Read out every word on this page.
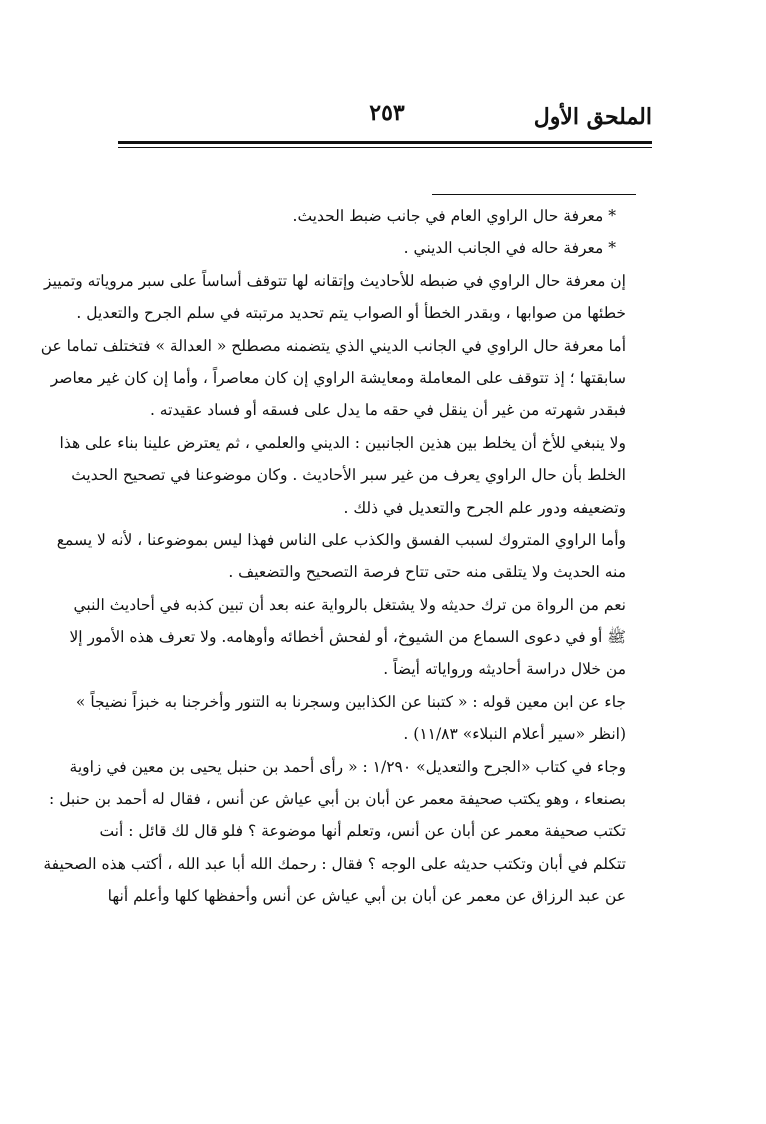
الملحق الأول
٢٥٣
* معرفة حال الراوي العام في جانب ضبط الحديث.
* معرفة حاله في الجانب الديني .
إن معرفة حال الراوي في ضبطه للأحاديث وإتقانه لها تتوقف أساساً على سبر مروياته وتمييز
خطئها من صوابها ، وبقدر الخطأ أو الصواب يتم تحديد مرتبته في سلم الجرح والتعديل .
أما معرفة حال الراوي في الجانب الديني الذي يتضمنه مصطلح « العدالة » فتختلف تماما عن
سابقتها ؛ إذ تتوقف على المعاملة ومعايشة الراوي إن كان معاصراً ، وأما إن كان غير معاصر
فبقدر شهرته من غير أن ينقل في حقه ما يدل على فسقه أو فساد عقيدته .
ولا ينبغي للأخ أن يخلط بين هذين الجانبين : الديني والعلمي ، ثم يعترض علينا بناء على هذا
الخلط بأن حال الراوي يعرف من غير سبر الأحاديث . وكان موضوعنا في تصحيح الحديث
وتضعيفه ودور علم الجرح والتعديل في ذلك .
وأما الراوي المتروك لسبب الفسق والكذب على الناس فهذا ليس بموضوعنا ، لأنه لا يسمع
منه الحديث ولا يتلقى منه حتى تتاح فرصة التصحيح والتضعيف .
نعم من الرواة من ترك حديثه ولا يشتغل بالرواية عنه بعد أن تبين كذبه في أحاديث النبي
ﷺ أو في دعوى السماع من الشيوخ، أو لفحش أخطائه وأوهامه. ولا تعرف هذه الأمور إلا
من خلال دراسة أحاديثه ورواياته أيضاً .
جاء عن ابن معين قوله : « كتبنا عن الكذابين وسجرنا به التنور وأخرجنا به خبزاً نضيجاً »
(انظر «سير أعلام النبلاء» ١١/٨٣) .
وجاء في كتاب «الجرح والتعديل» ١/٢٩٠ : « رأى أحمد بن حنبل يحيى بن معين في زاوية
بصنعاء ، وهو يكتب صحيفة معمر عن أبان بن أبي عياش عن أنس ، فقال له أحمد بن حنبل :
تكتب صحيفة معمر عن أبان عن أنس، وتعلم أنها موضوعة ؟ فلو قال لك قائل : أنت
تتكلم في أبان وتكتب حديثه على الوجه ؟ فقال : رحمك الله أبا عبد الله ، أكتب هذه الصحيفة
عن عبد الرزاق عن معمر عن أبان بن أبي عياش عن أنس وأحفظها كلها وأعلم أنها
